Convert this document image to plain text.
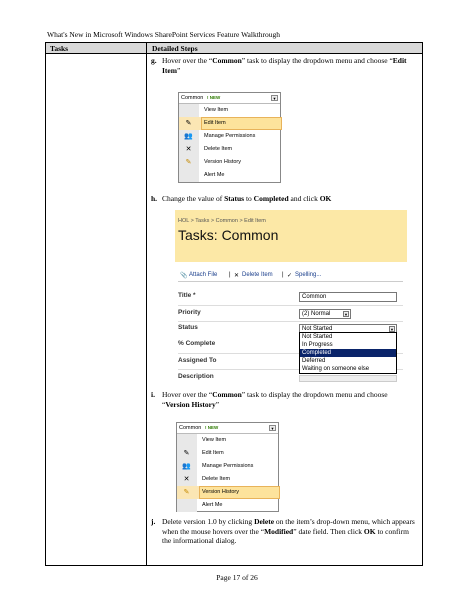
What's New in Microsoft Windows SharePoint Services Feature Walkthrough
Tasks	Detailed Steps
g. Hover over the “Common” task to display the dropdown menu and choose “Edit Item”
Common ! NEW	▼
View Item
✎ Edit Item
👥 Manage Permissions
✕ Delete Item
✎ Version History
Alert Me
h. Change the value of Status to Completed and click OK
HOL > Tasks > Common > Edit Item
Tasks: Common
📎 Attach File | ✕ Delete Item | ✓ Spelling...
Title *	Common
Priority	(2) Normal	▼
Status	Not Started	▼
% Complete
Assigned To
Description
Not Started
In Progress
Completed
Deferred
Waiting on someone else
i. Hover over the “Common” task to display the dropdown menu and choose “Version History”
Common ! NEW	▼
View Item
✎ Edit Item
👥 Manage Permissions
✕ Delete Item
✎ Version History
Alert Me
j. Delete version 1.0 by clicking Delete on the item’s drop-down menu, which appears when the mouse hovers over the “Modified” date field. Then click OK to confirm the informational dialog.
Page 17 of 26
